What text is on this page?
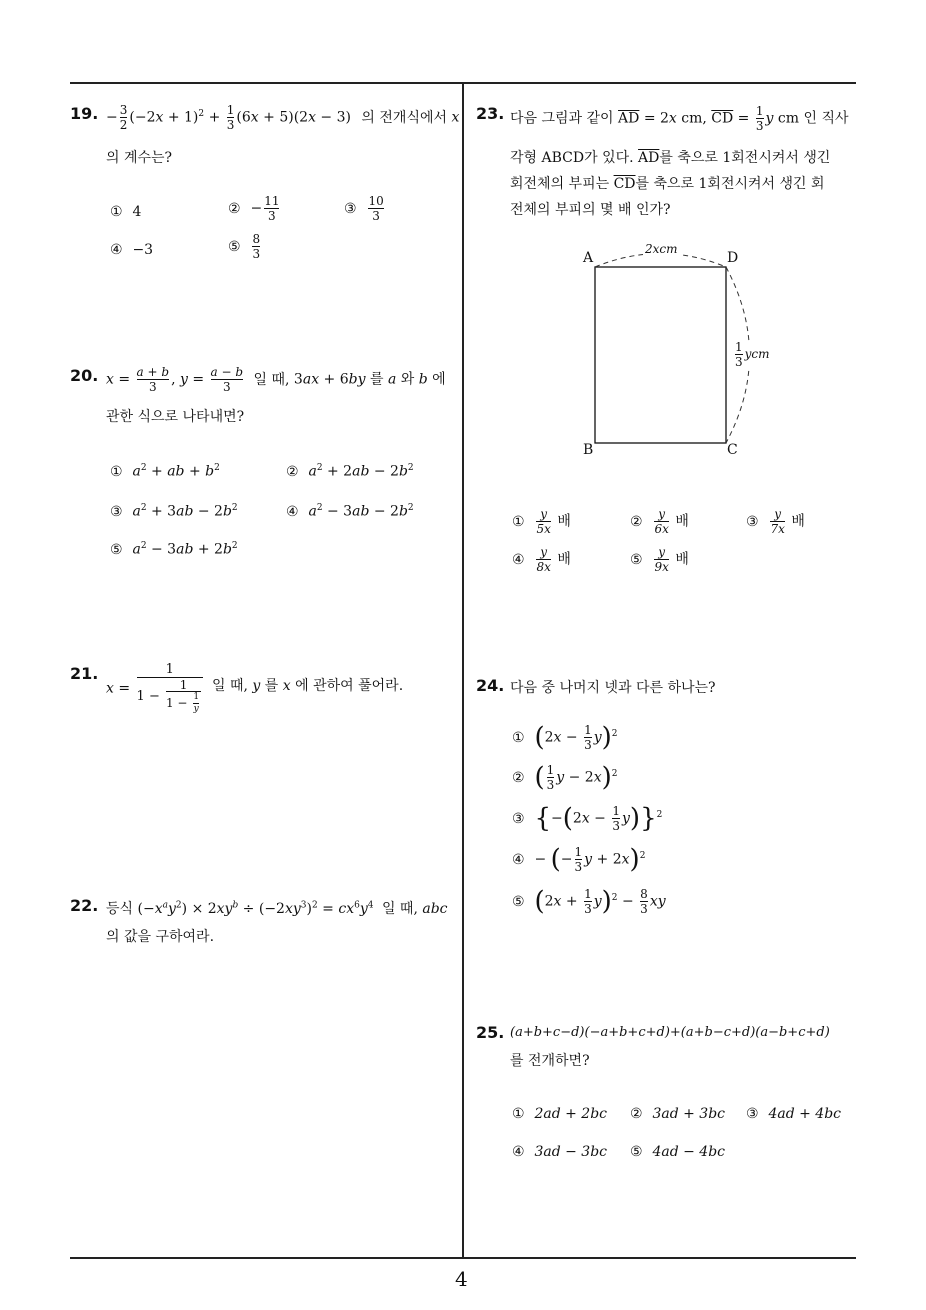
4
19. − $\frac{3}{2} (-2x + 1)^2 + \frac{1}{3} (6x + 5)(2x - 3)$ 의 전개식에서 x
의 계수는?
① 4	② − $\frac{11}{3}$	③ $\frac{10}{3}$
④ −3	⑤ $\frac{8}{3}$
20. $x = \frac{a + b}{3}$ , $y = \frac{a - b}{3}$ 일 때, 3ax + 6by 를 a 와 b 에
관한 식으로 나타내면?
① $a^2$ + ab + $b^2$	② $a^2 + 2ab - 2b^2$
③ $a^2 + 3ab - 2b^2$	④ $a^2 - 3ab - 2b^2$
⑤ $a^2 - 3ab + 2b^2$
21.
$x = \frac{1}{1 - \frac{1}{1 - \frac{1}{y}}}$ 일 때, y 를 x 에 관하여 풀어라.
22. 등식 $(-x^ay^2) \times 2xy^b \div (-2xy^3)^2 = cx^6y^4$ 일 때, abc
의 값을 구하여라.
23. 다음 그림과 같이 $\overline{AD} = 2x$ cm, $\overline{CD} = \frac{1}{3}$ y cm 인 직사
각형 ABCD가 있다. $\overline{AD}$를 축으로 1회전시켜서 생긴
회전체의 부피는 $\overline{CD}$를 축으로 1회전시켜서 생긴 회
전체의 부피의 몇 배 인가?
A	D
B	C
2xcm
$\frac{1}{3}$ ycm
① $\frac{y}{5x}$ 배	② $\frac{y}{6x}$ 배	③ $\frac{y}{7x}$ 배
④ $\frac{y}{8x}$ 배	⑤ $\frac{y}{9x}$ 배
24. 다음 중 나머지 넷과 다른 하나는?
① $(2x - \frac{1}{3} y)^2$
② ( $\frac{1}{3}$ y − 2x)$^2$
③ $\{-(2x - \frac{1}{3} y)\}^2$
④ − (− $\frac{1}{3}$ y + 2x)$^2$
⑤ $(2x + \frac{1}{3} y)^2 - \frac{8}{3}$ xy
25. (a+b+c−d)(−a+b+c+d)+(a+b−c+d)(a−b+c+d)
를 전개하면?
① 2ad + 2bc ② 3ad + 3bc ③ 4ad + 4bc
④ 3ad − 3bc ⑤ 4ad − 4bc
